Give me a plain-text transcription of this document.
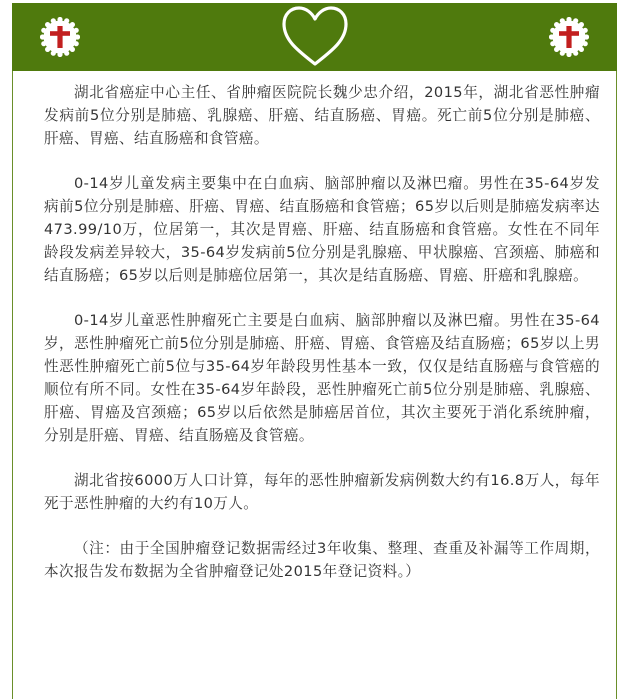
湖北省癌症中心主任、省肿瘤医院院长魏少忠介绍，2015年，湖北省恶性肿瘤发病前5位分别是肺癌、乳腺癌、肝癌、结直肠癌、胃癌。死亡前5位分别是肺癌、肝癌、胃癌、结直肠癌和食管癌。

0-14岁儿童发病主要集中在白血病、脑部肿瘤以及淋巴瘤。男性在35-64岁发病前5位分别是肺癌、肝癌、胃癌、结直肠癌和食管癌；65岁以后则是肺癌发病率达473.99/10万，位居第一，其次是胃癌、肝癌、结直肠癌和食管癌。女性在不同年龄段发病差异较大，35-64岁发病前5位分别是乳腺癌、甲状腺癌、宫颈癌、肺癌和结直肠癌；65岁以后则是肺癌位居第一，其次是结直肠癌、胃癌、肝癌和乳腺癌。

0-14岁儿童恶性肿瘤死亡主要是白血病、脑部肿瘤以及淋巴瘤。男性在35-64岁，恶性肿瘤死亡前5位分别是肺癌、肝癌、胃癌、食管癌及结直肠癌；65岁以上男性恶性肿瘤死亡前5位与35-64岁年龄段男性基本一致，仅仅是结直肠癌与食管癌的顺位有所不同。女性在35-64岁年龄段，恶性肿瘤死亡前5位分别是肺癌、乳腺癌、肝癌、胃癌及宫颈癌；65岁以后依然是肺癌居首位，其次主要死于消化系统肿瘤，分别是肝癌、胃癌、结直肠癌及食管癌。

湖北省按6000万人口计算，每年的恶性肿瘤新发病例数大约有16.8万人，每年死于恶性肿瘤的大约有10万人。

（注：由于全国肿瘤登记数据需经过3年收集、整理、查重及补漏等工作周期，本次报告发布数据为全省肿瘤登记处2015年登记资料。）
